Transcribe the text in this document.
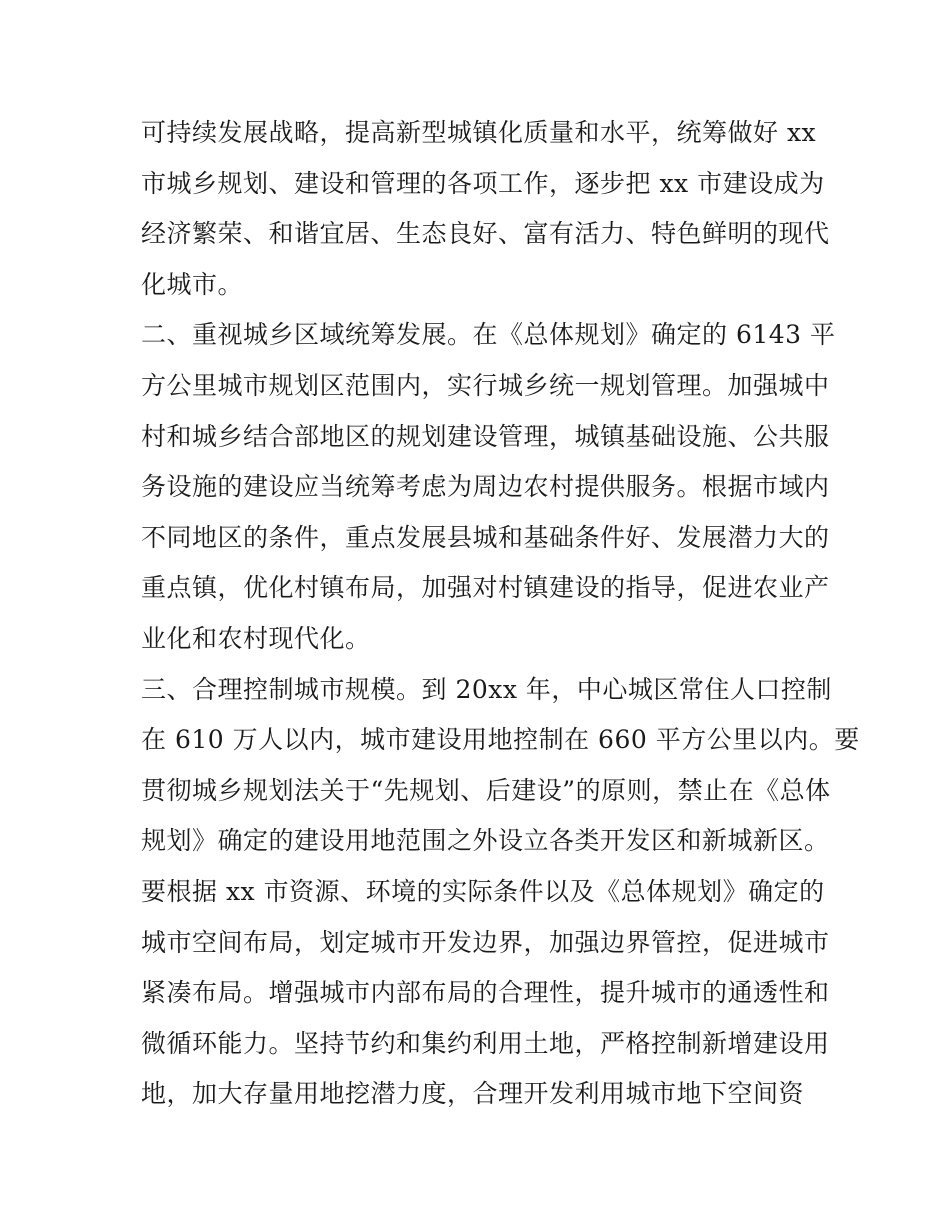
可持续发展战略，提高新型城镇化质量和水平，统筹做好 xx
市城乡规划、建设和管理的各项工作，逐步把 xx 市建设成为
经济繁荣、和谐宜居、生态良好、富有活力、特色鲜明的现代
化城市。
二、重视城乡区域统筹发展。在《总体规划》确定的 6143 平
方公里城市规划区范围内，实行城乡统一规划管理。加强城中
村和城乡结合部地区的规划建设管理，城镇基础设施、公共服
务设施的建设应当统筹考虑为周边农村提供服务。根据市域内
不同地区的条件，重点发展县城和基础条件好、发展潜力大的
重点镇，优化村镇布局，加强对村镇建设的指导，促进农业产
业化和农村现代化。
三、合理控制城市规模。到 20xx 年，中心城区常住人口控制
在 610 万人以内，城市建设用地控制在 660 平方公里以内。要
贯彻城乡规划法关于“先规划、后建设”的原则，禁止在《总体
规划》确定的建设用地范围之外设立各类开发区和新城新区。
要根据 xx 市资源、环境的实际条件以及《总体规划》确定的
城市空间布局，划定城市开发边界，加强边界管控，促进城市
紧凑布局。增强城市内部布局的合理性，提升城市的通透性和
微循环能力。坚持节约和集约利用土地，严格控制新增建设用
地，加大存量用地挖潜力度，合理开发利用城市地下空间资
